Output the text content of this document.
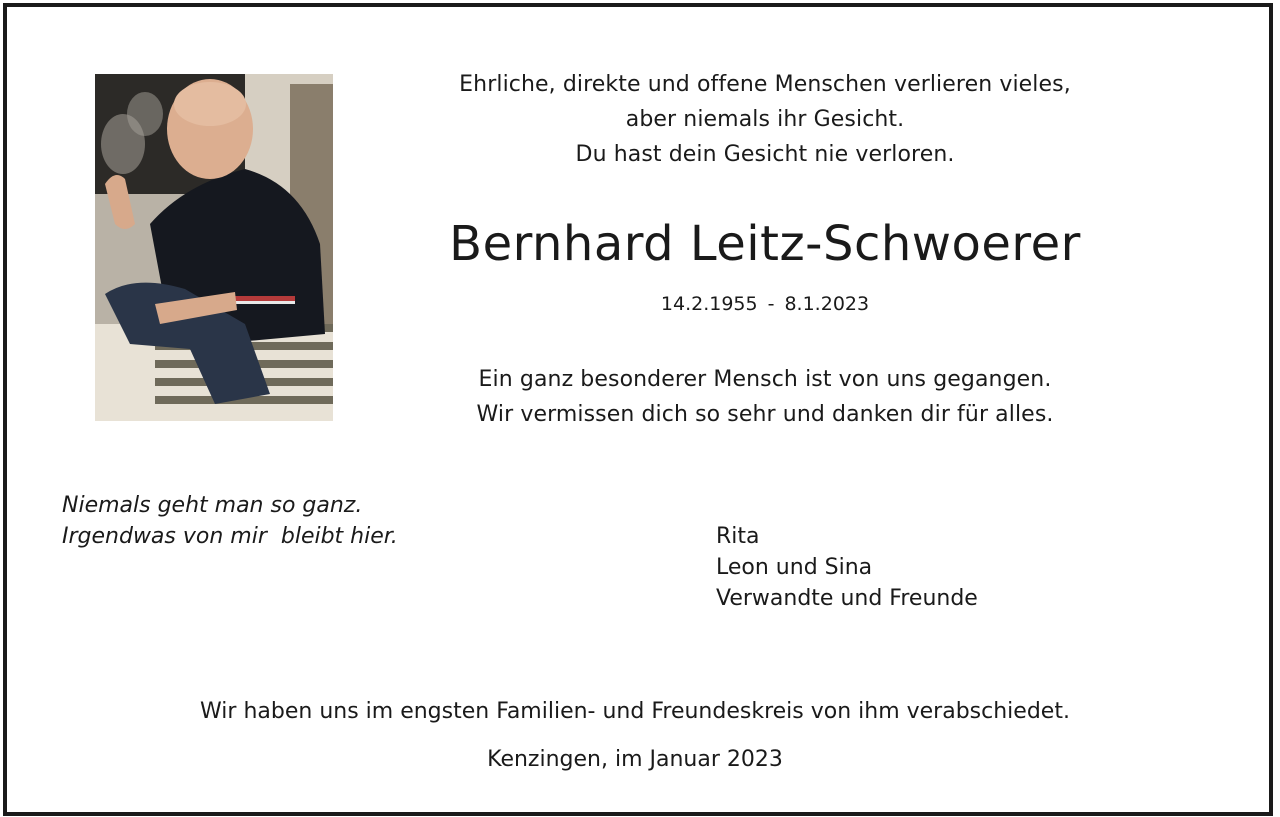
Ehrliche, direkte und offene Menschen verlieren vieles,
aber niemals ihr Gesicht.
Du hast dein Gesicht nie verloren.
Bernhard Leitz-Schwoerer
14.2.1955 - 8.1.2023
Ein ganz besonderer Mensch ist von uns gegangen.
Wir vermissen dich so sehr und danken dir für alles.
Niemals geht man so ganz.
Irgendwas von mir  bleibt hier.	Rita
Leon und Sina
Verwandte und Freunde
Wir haben uns im engsten Familien- und Freundeskreis von ihm verabschiedet.
Kenzingen, im Januar 2023
